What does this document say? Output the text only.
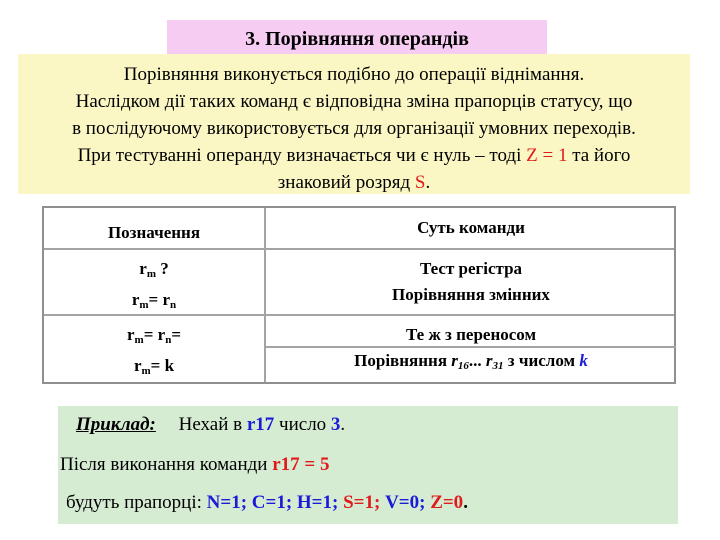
3. Порівняння операндів
Порівняння виконується подібно до операції віднімання.
Наслідком дії таких команд є відповідна зміна прапорців статусу, що
в послідуючому використовується для організації умовних переходів.
При тестуванні операнду визначається чи є нуль – тоді Z = 1 та його
знаковий розряд S.
Позначення	Суть команди
$r_m$ ?
$r_m= r_n$
Тест регістра
Порівняння змінних
$r_m= r_n=$
$r_m= k$
Те ж з переносом
Порівняння $r_{16}$... $r_{31}$ з числом k
Приклад: Нехай в r17 число 3.
Після виконання команди r17 = 5
будуть прапорці: N=1; C=1; H=1; S=1; V=0; Z=0.
